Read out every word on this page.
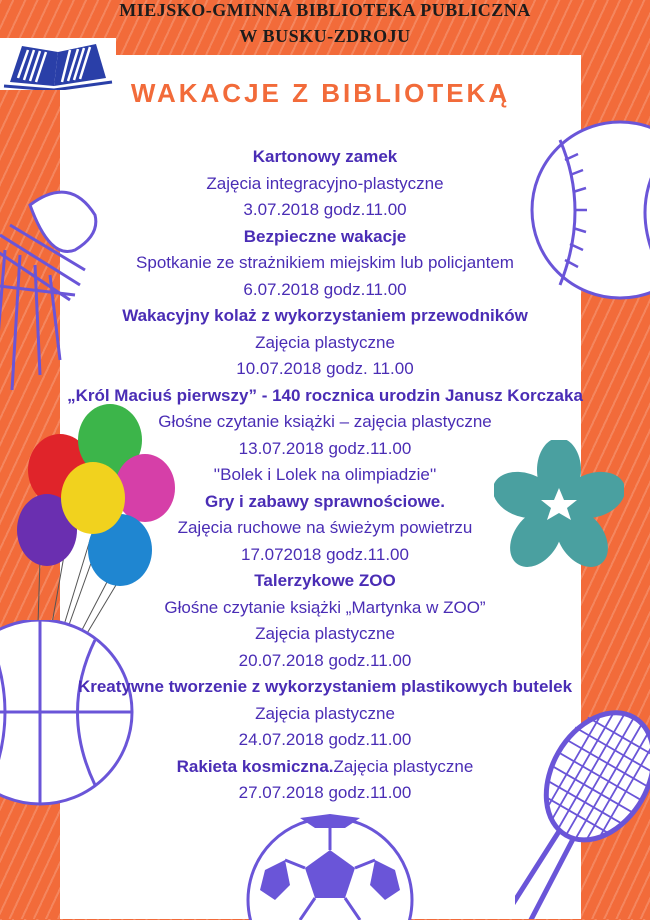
MIEJSKO-GMINNA BIBLIOTEKA PUBLICZNA
W BUSKU-ZDROJU
WAKACJE Z BIBLIOTEKĄ
Kartonowy zamek
Zajęcia integracyjno-plastyczne
3.07.2018 godz.11.00
Bezpieczne wakacje
Spotkanie ze strażnikiem miejskim lub policjantem
6.07.2018 godz.11.00
Wakacyjny kolaż z wykorzystaniem przewodników
Zajęcia plastyczne
10.07.2018 godz. 11.00
„Król Maciuś pierwszy” - 140 rocznica urodzin Janusz Korczaka
Głośne czytanie książki – zajęcia plastyczne
13.07.2018 godz.11.00
''Bolek i Lolek na olimpiadzie''
Gry i zabawy sprawnościowe.
Zajęcia ruchowe na świeżym powietrzu
17.072018 godz.11.00
Talerzykowe ZOO
Głośne czytanie książki „Martynka w ZOO”
Zajęcia plastyczne
20.07.2018 godz.11.00
Kreatywne tworzenie z wykorzystaniem plastikowych butelek
Zajęcia plastyczne
24.07.2018 godz.11.00
Rakieta kosmiczna.Zajęcia plastyczne
27.07.2018 godz.11.00
